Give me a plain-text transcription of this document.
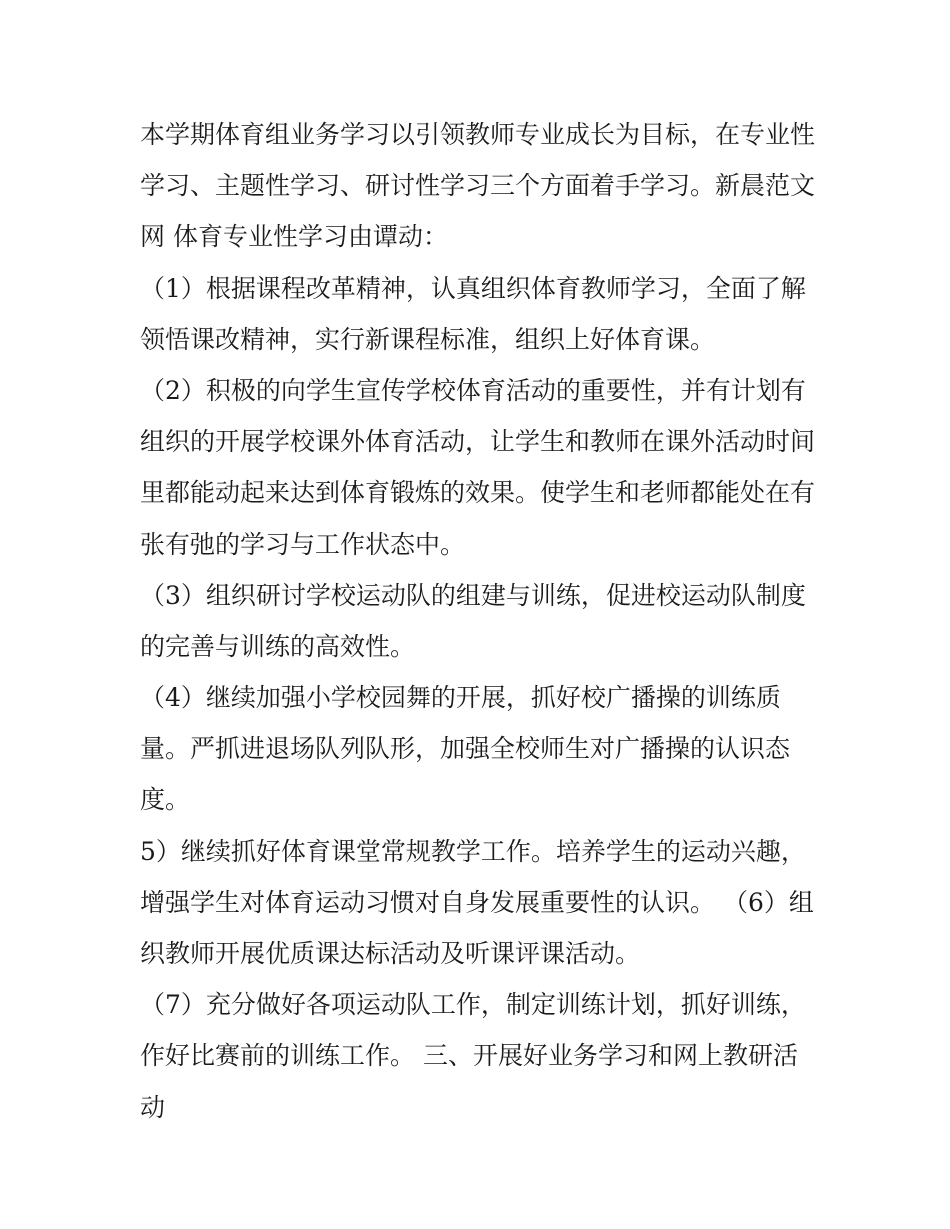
本学期体育组业务学习以引领教师专业成长为目标，在专业性
学习、主题性学习、研讨性学习三个方面着手学习。新晨范文
网 体育专业性学习由谭动：
（1）根据课程改革精神，认真组织体育教师学习，全面了解
领悟课改精神，实行新课程标准，组织上好体育课。
（2）积极的向学生宣传学校体育活动的重要性，并有计划有
组织的开展学校课外体育活动，让学生和教师在课外活动时间
里都能动起来达到体育锻炼的效果。使学生和老师都能处在有
张有弛的学习与工作状态中。
（3）组织研讨学校运动队的组建与训练，促进校运动队制度
的完善与训练的高效性。
（4）继续加强小学校园舞的开展，抓好校广播操的训练质
量。严抓进退场队列队形，加强全校师生对广播操的认识态
度。
5）继续抓好体育课堂常规教学工作。培养学生的运动兴趣，
增强学生对体育运动习惯对自身发展重要性的认识。 （6）组
织教师开展优质课达标活动及听课评课活动。
（7）充分做好各项运动队工作，制定训练计划，抓好训练，
作好比赛前的训练工作。 三、开展好业务学习和网上教研活
动
